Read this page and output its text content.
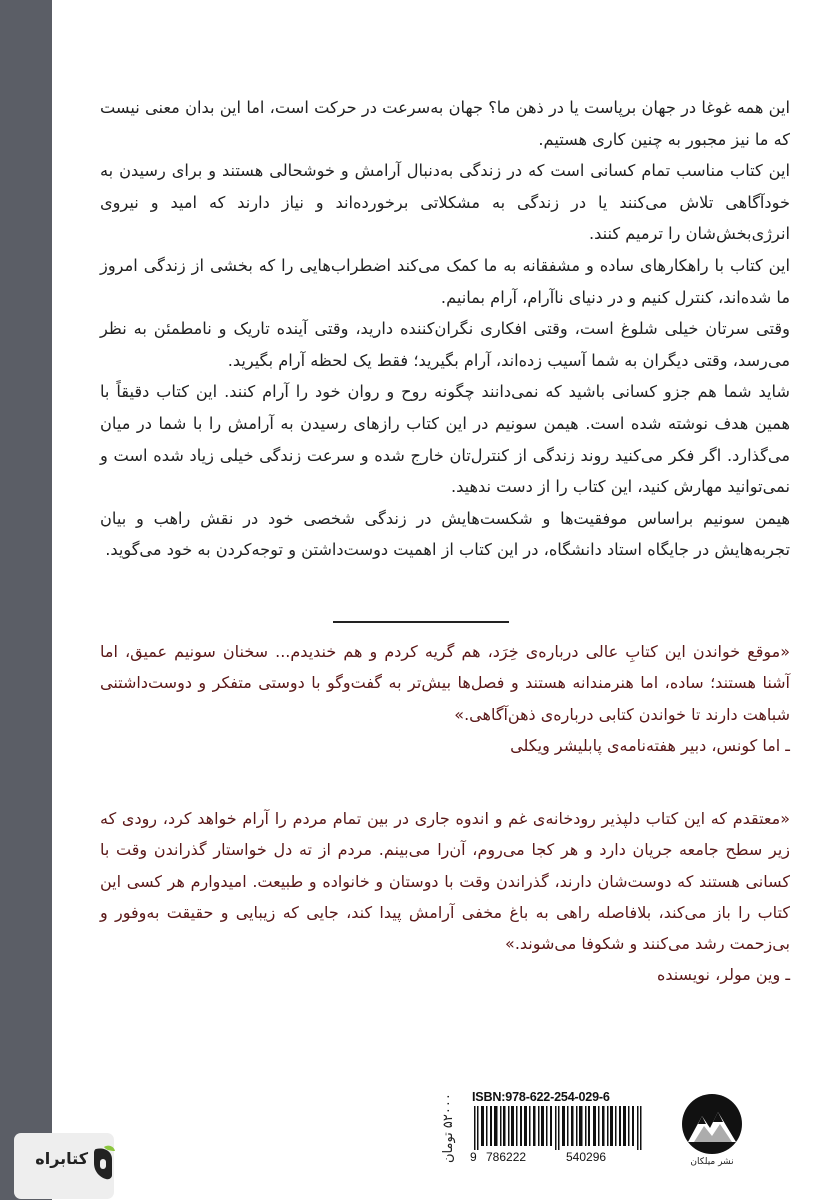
این همه غوغا در جهان برپاست یا در ذهن ما؟ جهان به‌سرعت در حرکت است، اما این بدان معنی نیست که ما نیز مجبور به چنین کاری هستیم.

این کتاب مناسب تمام کسانی است که در زندگی به‌دنبال آرامش و خوشحالی هستند و برای رسیدن به خودآگاهی تلاش می‌کنند یا در زندگی به مشکلاتی برخورده‌اند و نیاز دارند که امید و نیروی انرژی‌بخش‌شان را ترمیم کنند.

این کتاب با راهکارهای ساده و مشفقانه به ما کمک می‌کند اضطراب‌هایی را که بخشی از زندگی امروز ما شده‌اند، کنترل کنیم و در دنیای ناآرام، آرام بمانیم.

وقتی سرتان خیلی شلوغ است، وقتی افکاری نگران‌کننده دارید، وقتی آینده تاریک و نامطمئن به نظر می‌رسد، وقتی دیگران به شما آسیب زده‌اند، آرام بگیرید؛ فقط یک لحظه آرام بگیرید.

شاید شما هم جزو کسانی باشید که نمی‌دانند چگونه روح و روان خود را آرام کنند. این کتاب دقیقاً با همین هدف نوشته شده است. هیمن سونیم در این کتاب رازهای رسیدن به آرامش را با شما در میان می‌گذارد. اگر فکر می‌کنید روند زندگی از کنترل‌تان خارج شده و سرعت زندگی خیلی زیاد شده است و نمی‌توانید مهارش کنید، این کتاب را از دست ندهید.

هیمن سونیم براساس موفقیت‌ها و شکست‌هایش در زندگی شخصی خود در نقش راهب و بیان تجربه‌هایش در جایگاه استاد دانشگاه، در این کتاب از اهمیت دوست‌داشتن و توجه‌کردن به خود می‌گوید.

«موقع خواندن این کتابِ عالی درباره‌ی خِرَد، هم گریه کردم و هم خندیدم... سخنان سونیم عمیق، اما آشنا هستند؛ ساده، اما هنرمندانه هستند و فصل‌ها بیش‌تر به گفت‌وگو با دوستی متفکر و دوست‌داشتنی شباهت دارند تا خواندن کتابی درباره‌ی ذهن‌آگاهی.»

ـ اما کونس، دبیر هفته‌نامه‌ی پابلیشر ویکلی

«معتقدم که این کتاب دلپذیر رودخانه‌ی غم و اندوه جاری در بین تمام مردم را آرام خواهد کرد، رودی که زیر سطح جامعه جریان دارد و هر کجا می‌روم، آن‌را می‌بینم. مردم از ته دل خواستار گذراندن وقت با کسانی هستند که دوست‌شان دارند، گذراندن وقت با دوستان و خانواده و طبیعت. امیدوارم هر کسی این کتاب را باز می‌کند، بلافاصله راهی به باغ مخفی آرامش پیدا کند، جایی که زیبایی و حقیقت به‌وفور و بی‌زحمت رشد می‌کنند و شکوفا می‌شوند.»

ـ وین مولر، نویسنده

۵۲۰۰۰ تومان	ISBN:978-622-254-029-6
9 786222	540296	نشر میلکان
کتابراه
